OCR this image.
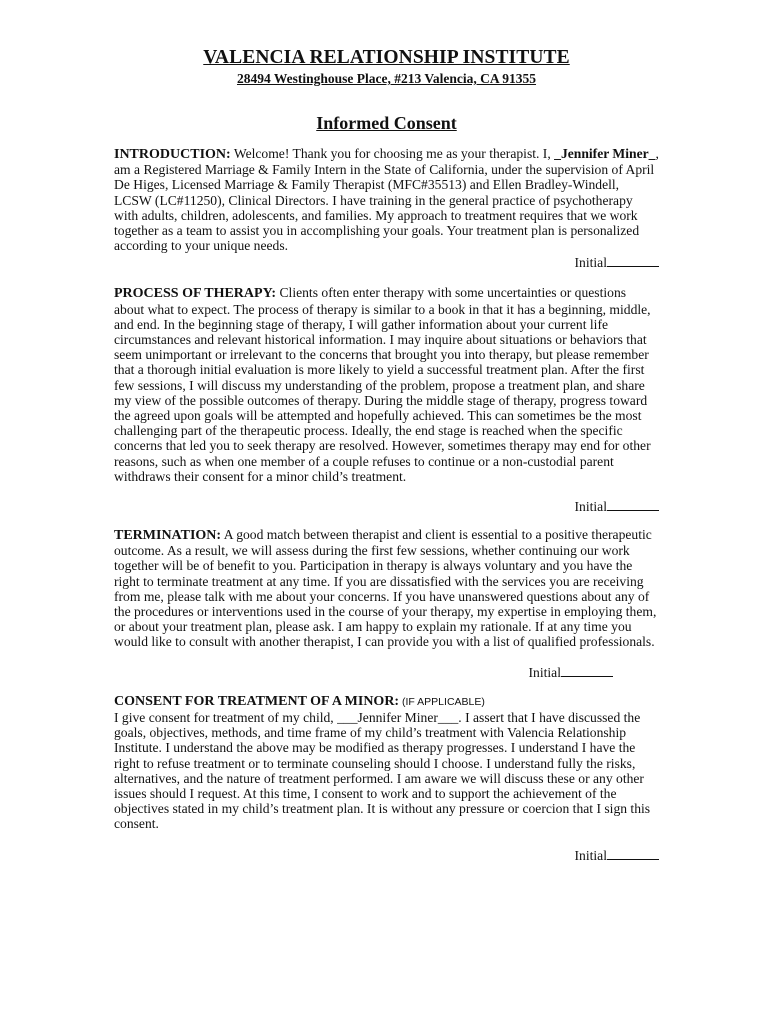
VALENCIA RELATIONSHIP INSTITUTE

28494 Westinghouse Place, #213 Valencia, CA 91355

Informed Consent

INTRODUCTION: Welcome! Thank you for choosing me as your therapist. I, _Jennifer Miner_, am a Registered Marriage & Family Intern in the State of California, under the supervision of April De Higes, Licensed Marriage & Family Therapist (MFC#35513) and Ellen Bradley-Windell, LCSW (LC#11250), Clinical Directors. I have training in the general practice of psychotherapy with adults, children, adolescents, and families. My approach to treatment requires that we work together as a team to assist you in accomplishing your goals. Your treatment plan is personalized according to your unique needs.

Initial

PROCESS OF THERAPY: Clients often enter therapy with some uncertainties or questions about what to expect. The process of therapy is similar to a book in that it has a beginning, middle, and end. In the beginning stage of therapy, I will gather information about your current life circumstances and relevant historical information. I may inquire about situations or behaviors that seem unimportant or irrelevant to the concerns that brought you into therapy, but please remember that a thorough initial evaluation is more likely to yield a successful treatment plan. After the first few sessions, I will discuss my understanding of the problem, propose a treatment plan, and share my view of the possible outcomes of therapy. During the middle stage of therapy, progress toward the agreed upon goals will be attempted and hopefully achieved. This can sometimes be the most challenging part of the therapeutic process. Ideally, the end stage is reached when the specific concerns that led you to seek therapy are resolved. However, sometimes therapy may end for other reasons, such as when one member of a couple refuses to continue or a non-custodial parent withdraws their consent for a minor child’s treatment.

Initial

TERMINATION: A good match between therapist and client is essential to a positive therapeutic outcome. As a result, we will assess during the first few sessions, whether continuing our work together will be of benefit to you. Participation in therapy is always voluntary and you have the right to terminate treatment at any time. If you are dissatisfied with the services you are receiving from me, please talk with me about your concerns. If you have unanswered questions about any of the procedures or interventions used in the course of your therapy, my expertise in employing them, or about your treatment plan, please ask. I am happy to explain my rationale. If at any time you would like to consult with another therapist, I can provide you with a list of qualified professionals.

Initial

CONSENT FOR TREATMENT OF A MINOR: (IF APPLICABLE)
I give consent for treatment of my child, ___Jennifer Miner___. I assert that I have discussed the goals, objectives, methods, and time frame of my child’s treatment with Valencia Relationship Institute. I understand the above may be modified as therapy progresses. I understand I have the right to refuse treatment or to terminate counseling should I choose. I understand fully the risks, alternatives, and the nature of treatment performed. I am aware we will discuss these or any other issues should I request. At this time, I consent to work and to support the achievement of the objectives stated in my child’s treatment plan. It is without any pressure or coercion that I sign this consent.

Initial
